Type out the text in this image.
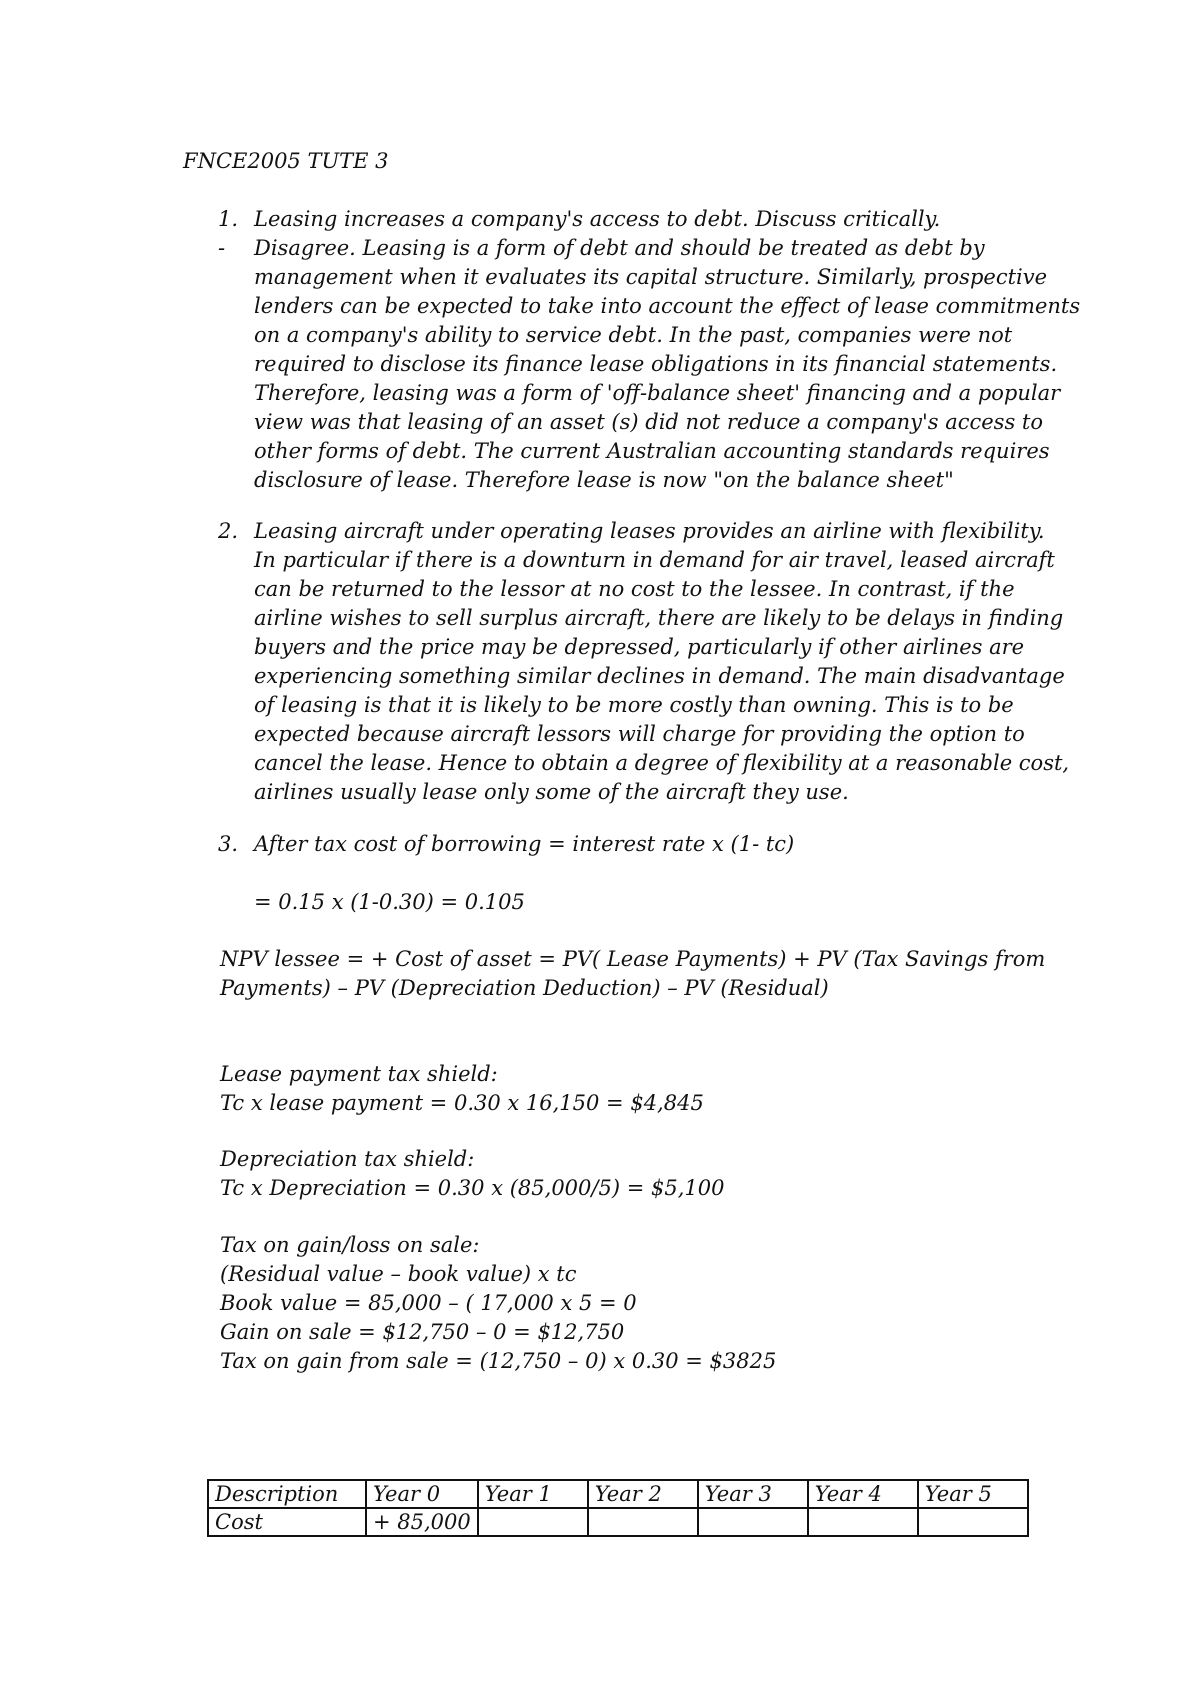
FNCE2005 TUTE 3
1. Leasing increases a company's access to debt. Discuss critically.
- Disagree. Leasing is a form of debt and should be treated as debt by
management when it evaluates its capital structure. Similarly, prospective
lenders can be expected to take into account the effect of lease commitments
on a company's ability to service debt. In the past, companies were not
required to disclose its finance lease obligations in its financial statements.
Therefore, leasing was a form of 'off-balance sheet' financing and a popular
view was that leasing of an asset (s) did not reduce a company's access to
other forms of debt. The current Australian accounting standards requires
disclosure of lease. Therefore lease is now "on the balance sheet"
2. Leasing aircraft under operating leases provides an airline with flexibility.
In particular if there is a downturn in demand for air travel, leased aircraft
can be returned to the lessor at no cost to the lessee. In contrast, if the
airline wishes to sell surplus aircraft, there are likely to be delays in finding
buyers and the price may be depressed, particularly if other airlines are
experiencing something similar declines in demand. The main disadvantage
of leasing is that it is likely to be more costly than owning. This is to be
expected because aircraft lessors will charge for providing the option to
cancel the lease. Hence to obtain a degree of flexibility at a reasonable cost,
airlines usually lease only some of the aircraft they use.
3. After tax cost of borrowing = interest rate x (1- tc)
= 0.15 x (1-0.30) = 0.105
NPV lessee = + Cost of asset = PV( Lease Payments) + PV (Tax Savings from
Payments) – PV (Depreciation Deduction) – PV (Residual)
Lease payment tax shield:
Tc x lease payment = 0.30 x 16,150 = $4,845
Depreciation tax shield:
Tc x Depreciation = 0.30 x (85,000/5) = $5,100
Tax on gain/loss on sale:
(Residual value – book value) x tc
Book value = 85,000 – ( 17,000 x 5 = 0
Gain on sale = $12,750 – 0 = $12,750
Tax on gain from sale = (12,750 – 0) x 0.30 = $3825
Description	Year 0	Year 1	Year 2	Year 3	Year 4	Year 5
Cost	+ 85,000					
